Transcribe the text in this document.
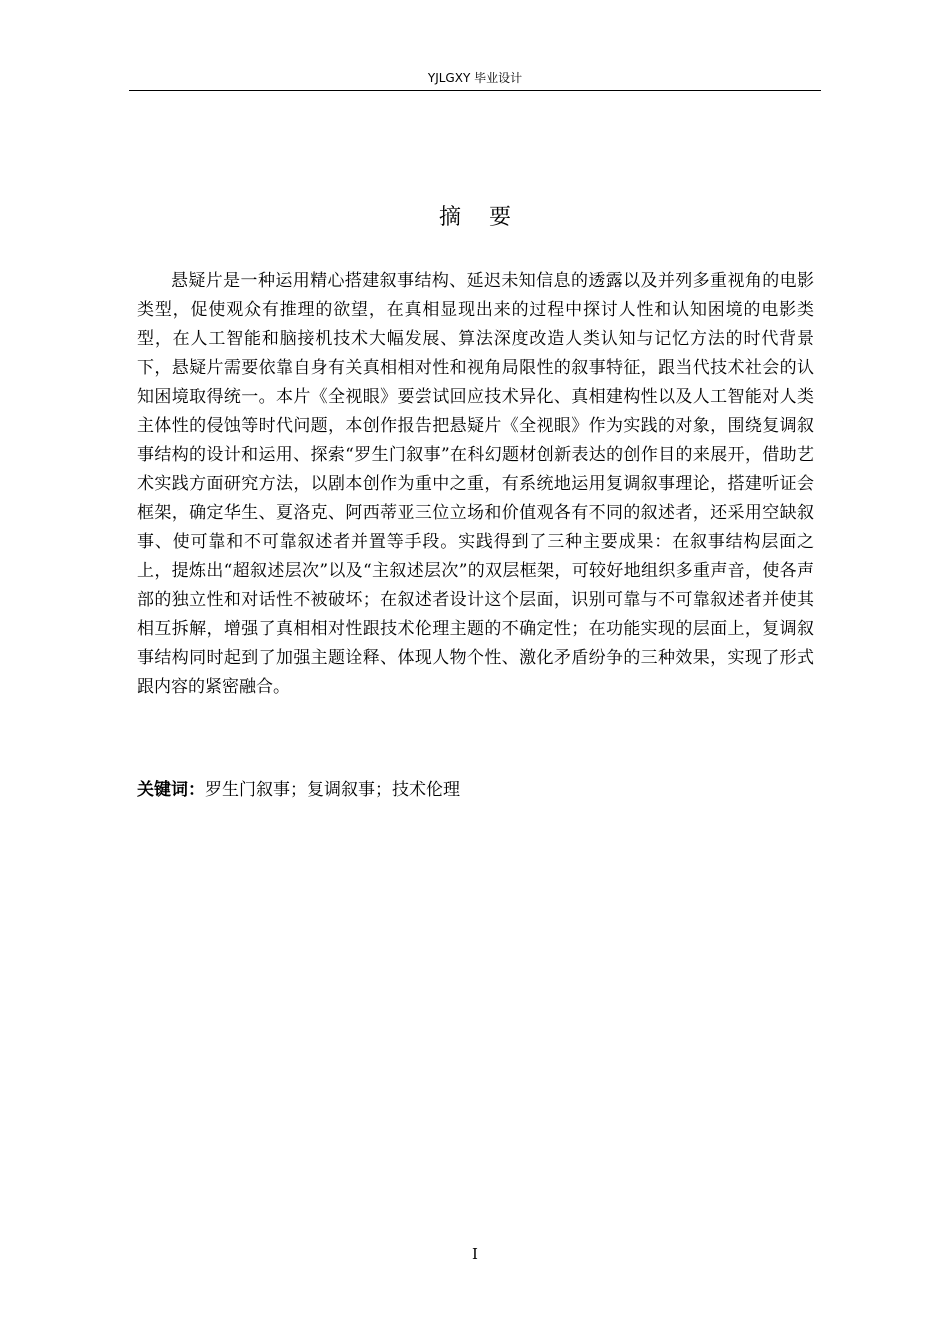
YJLGXY 毕业设计
摘要

悬疑片是一种运用精心搭建叙事结构、延迟未知信息的透露以及并列多重视角的电影类型，促使观众有推理的欲望，在真相显现出来的过程中探讨人性和认知困境的电影类型，在人工智能和脑接机技术大幅发展、算法深度改造人类认知与记忆方法的时代背景下，悬疑片需要依靠自身有关真相相对性和视角局限性的叙事特征，跟当代技术社会的认知困境取得统一。本片《全视眼》要尝试回应技术异化、真相建构性以及人工智能对人类主体性的侵蚀等时代问题，本创作报告把悬疑片《全视眼》作为实践的对象，围绕复调叙事结构的设计和运用、探索“罗生门叙事”在科幻题材创新表达的创作目的来展开，借助艺术实践方面研究方法，以剧本创作为重中之重，有系统地运用复调叙事理论，搭建听证会框架，确定华生、夏洛克、阿西蒂亚三位立场和价值观各有不同的叙述者，还采用空缺叙事、使可靠和不可靠叙述者并置等手段。实践得到了三种主要成果：在叙事结构层面之上，提炼出“超叙述层次”以及“主叙述层次”的双层框架，可较好地组织多重声音，使各声部的独立性和对话性不被破坏；在叙述者设计这个层面，识别可靠与不可靠叙述者并使其相互拆解，增强了真相相对性跟技术伦理主题的不确定性；在功能实现的层面上，复调叙事结构同时起到了加强主题诠释、体现人物个性、激化矛盾纷争的三种效果，实现了形式跟内容的紧密融合。

关键词：罗生门叙事；复调叙事；技术伦理
I
